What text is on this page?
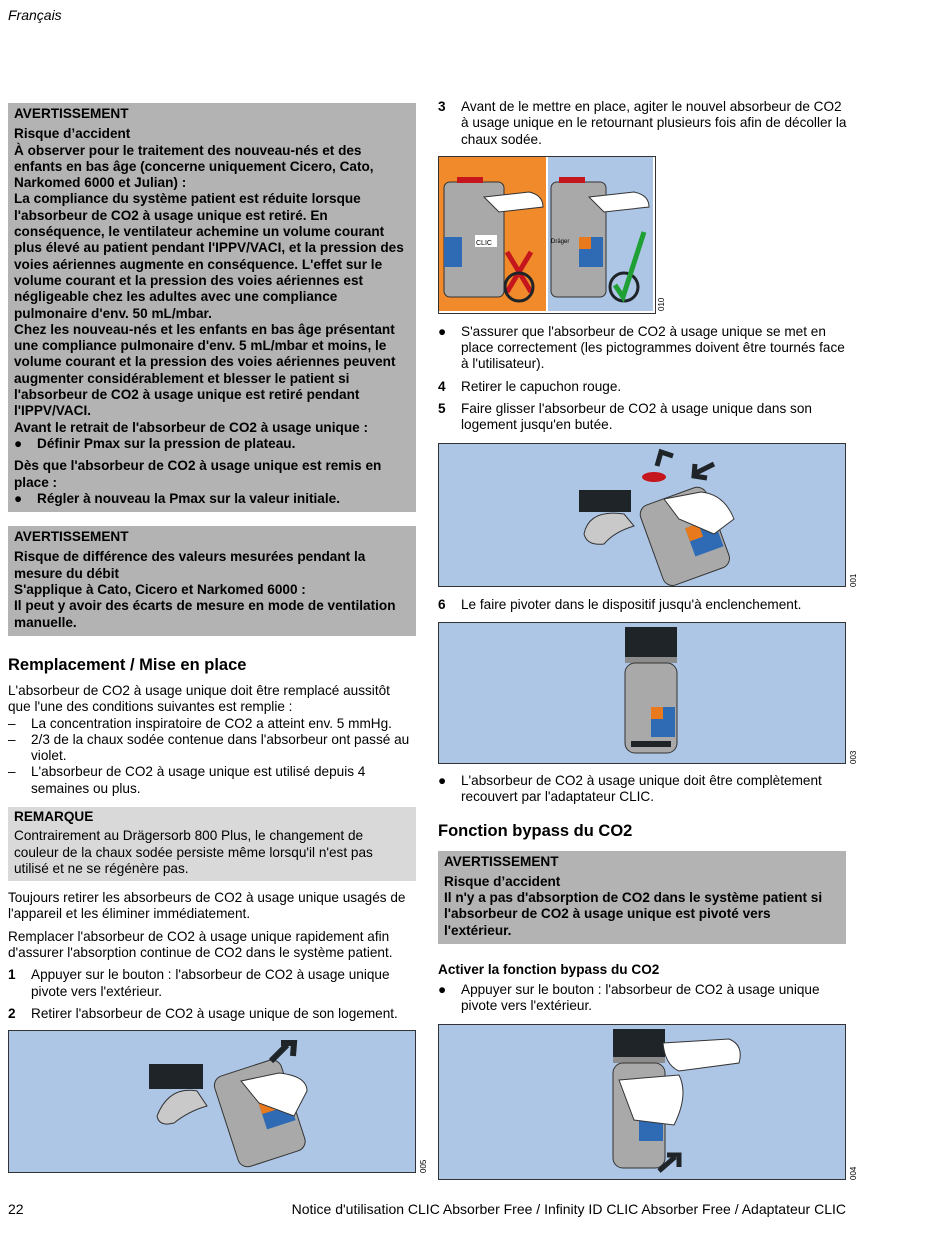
Français
AVERTISSEMENT

Risque d’accident

À observer pour le traitement des nouveau-nés et des enfants en bas âge (concerne uniquement Cicero, Cato, Narkomed 6000 et Julian) :

La compliance du système patient est réduite lorsque l'absorbeur de CO2 à usage unique est retiré. En conséquence, le ventilateur achemine un volume courant plus élevé au patient pendant l'IPPV/VACI, et la pression des voies aériennes augmente en conséquence. L'effet sur le volume courant et la pression des voies aériennes est négligeable chez les adultes avec une compliance pulmonaire d'env. 50 mL/mbar.

Chez les nouveau-nés et les enfants en bas âge présentant une compliance pulmonaire d'env. 5 mL/mbar et moins, le volume courant et la pression des voies aériennes peuvent augmenter considérablement et blesser le patient si l'absorbeur de CO2 à usage unique est retiré pendant l'IPPV/VACI.

Avant le retrait de l'absorbeur de CO2 à usage unique :

●	Définir Pmax sur la pression de plateau.

Dès que l'absorbeur de CO2 à usage unique est remis en place :

●	Régler à nouveau la Pmax sur la valeur initiale.
AVERTISSEMENT

Risque de différence des valeurs mesurées pendant la mesure du débit

S'applique à Cato, Cicero et Narkomed 6000 :

Il peut y avoir des écarts de mesure en mode de ventilation manuelle.

Remplacement / Mise en place

L'absorbeur de CO2 à usage unique doit être remplacé aussitôt que l'une des conditions suivantes est remplie :

–	La concentration inspiratoire de CO2 a atteint env. 5 mmHg.
–	2/3 de la chaux sodée contenue dans l'absorbeur ont passé au violet.
–	L'absorbeur de CO2 à usage unique est utilisé depuis 4 semaines ou plus.
REMARQUE
Contrairement au Drägersorb 800 Plus, le changement de couleur de la chaux sodée persiste même lorsqu'il n'est pas utilisé et ne se régénère pas.

Toujours retirer les absorbeurs de CO2 à usage unique usagés de l'appareil et les éliminer immédiatement.

Remplacer l'absorbeur de CO2 à usage unique rapidement afin d'assurer l'absorption continue de CO2 dans le système patient.

1	Appuyer sur le bouton : l'absorbeur de CO2 à usage unique pivote vers l'extérieur.
2	Retirer l'absorbeur de CO2 à usage unique de son logement.
005
3	Avant de le mettre en place, agiter le nouvel absorbeur de CO2 à usage unique en le retournant plusieurs fois afin de décoller la chaux sodée.
CLIC	Dräger
010
●	S'assurer que l'absorbeur de CO2 à usage unique se met en place correctement (les pictogrammes doivent être tournés face à l'utilisateur).
4	Retirer le capuchon rouge.
5	Faire glisser l'absorbeur de CO2 à usage unique dans son logement jusqu'en butée.
001
6	Le faire pivoter dans le dispositif jusqu'à enclenchement.
003
●	L'absorbeur de CO2 à usage unique doit être complètement recouvert par l'adaptateur CLIC.
Fonction bypass du CO2
AVERTISSEMENT

Risque d’accident

Il n'y a pas d'absorption de CO2 dans le système patient si l'absorbeur de CO2 à usage unique est pivoté vers l'extérieur.

Activer la fonction bypass du CO2
●	Appuyer sur le bouton : l'absorbeur de CO2 à usage unique pivote vers l'extérieur.
004
22	Notice d'utilisation CLIC Absorber Free / Infinity ID CLIC Absorber Free / Adaptateur CLIC
